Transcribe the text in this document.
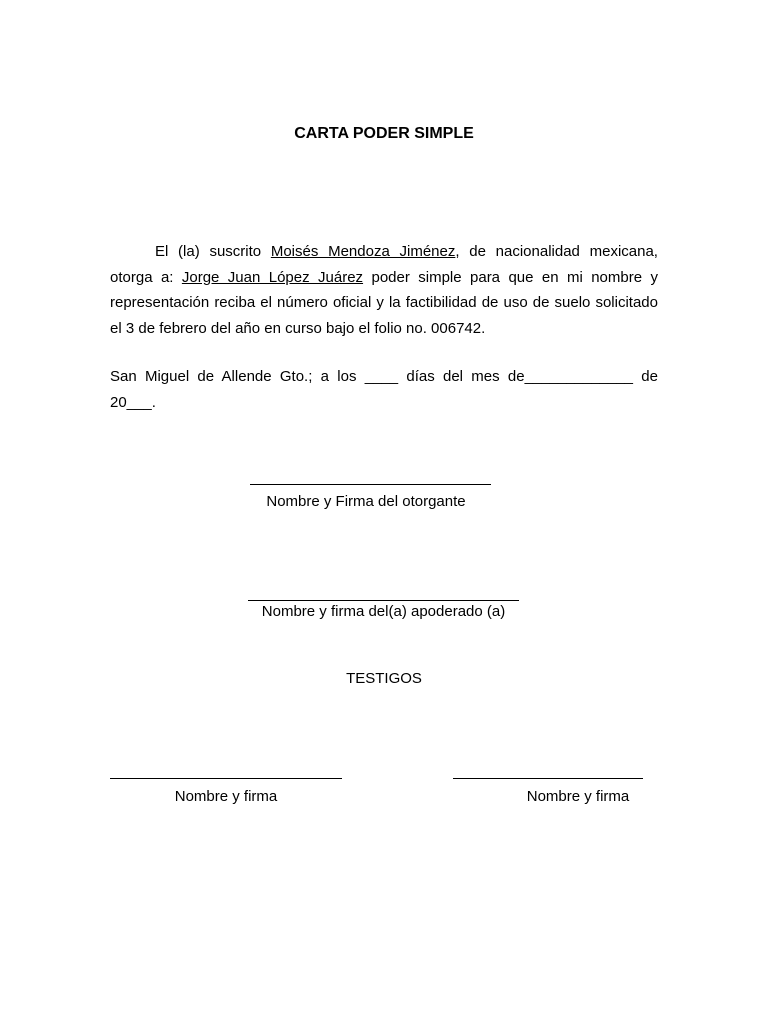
CARTA PODER SIMPLE

El (la) suscrito Moisés Mendoza Jiménez, de nacionalidad mexicana, otorga a: Jorge Juan López Juárez poder simple para que en mi nombre y representación reciba el número oficial y la factibilidad de uso de suelo solicitado el 3 de febrero del año en curso bajo el folio no. 006742.

San Miguel de Allende Gto.; a los ____ días del mes de_____________ de 20___.

Nombre y Firma del otorgante
Nombre y firma del(a) apoderado (a)
TESTIGOS
Nombre y firma	Nombre y firma
